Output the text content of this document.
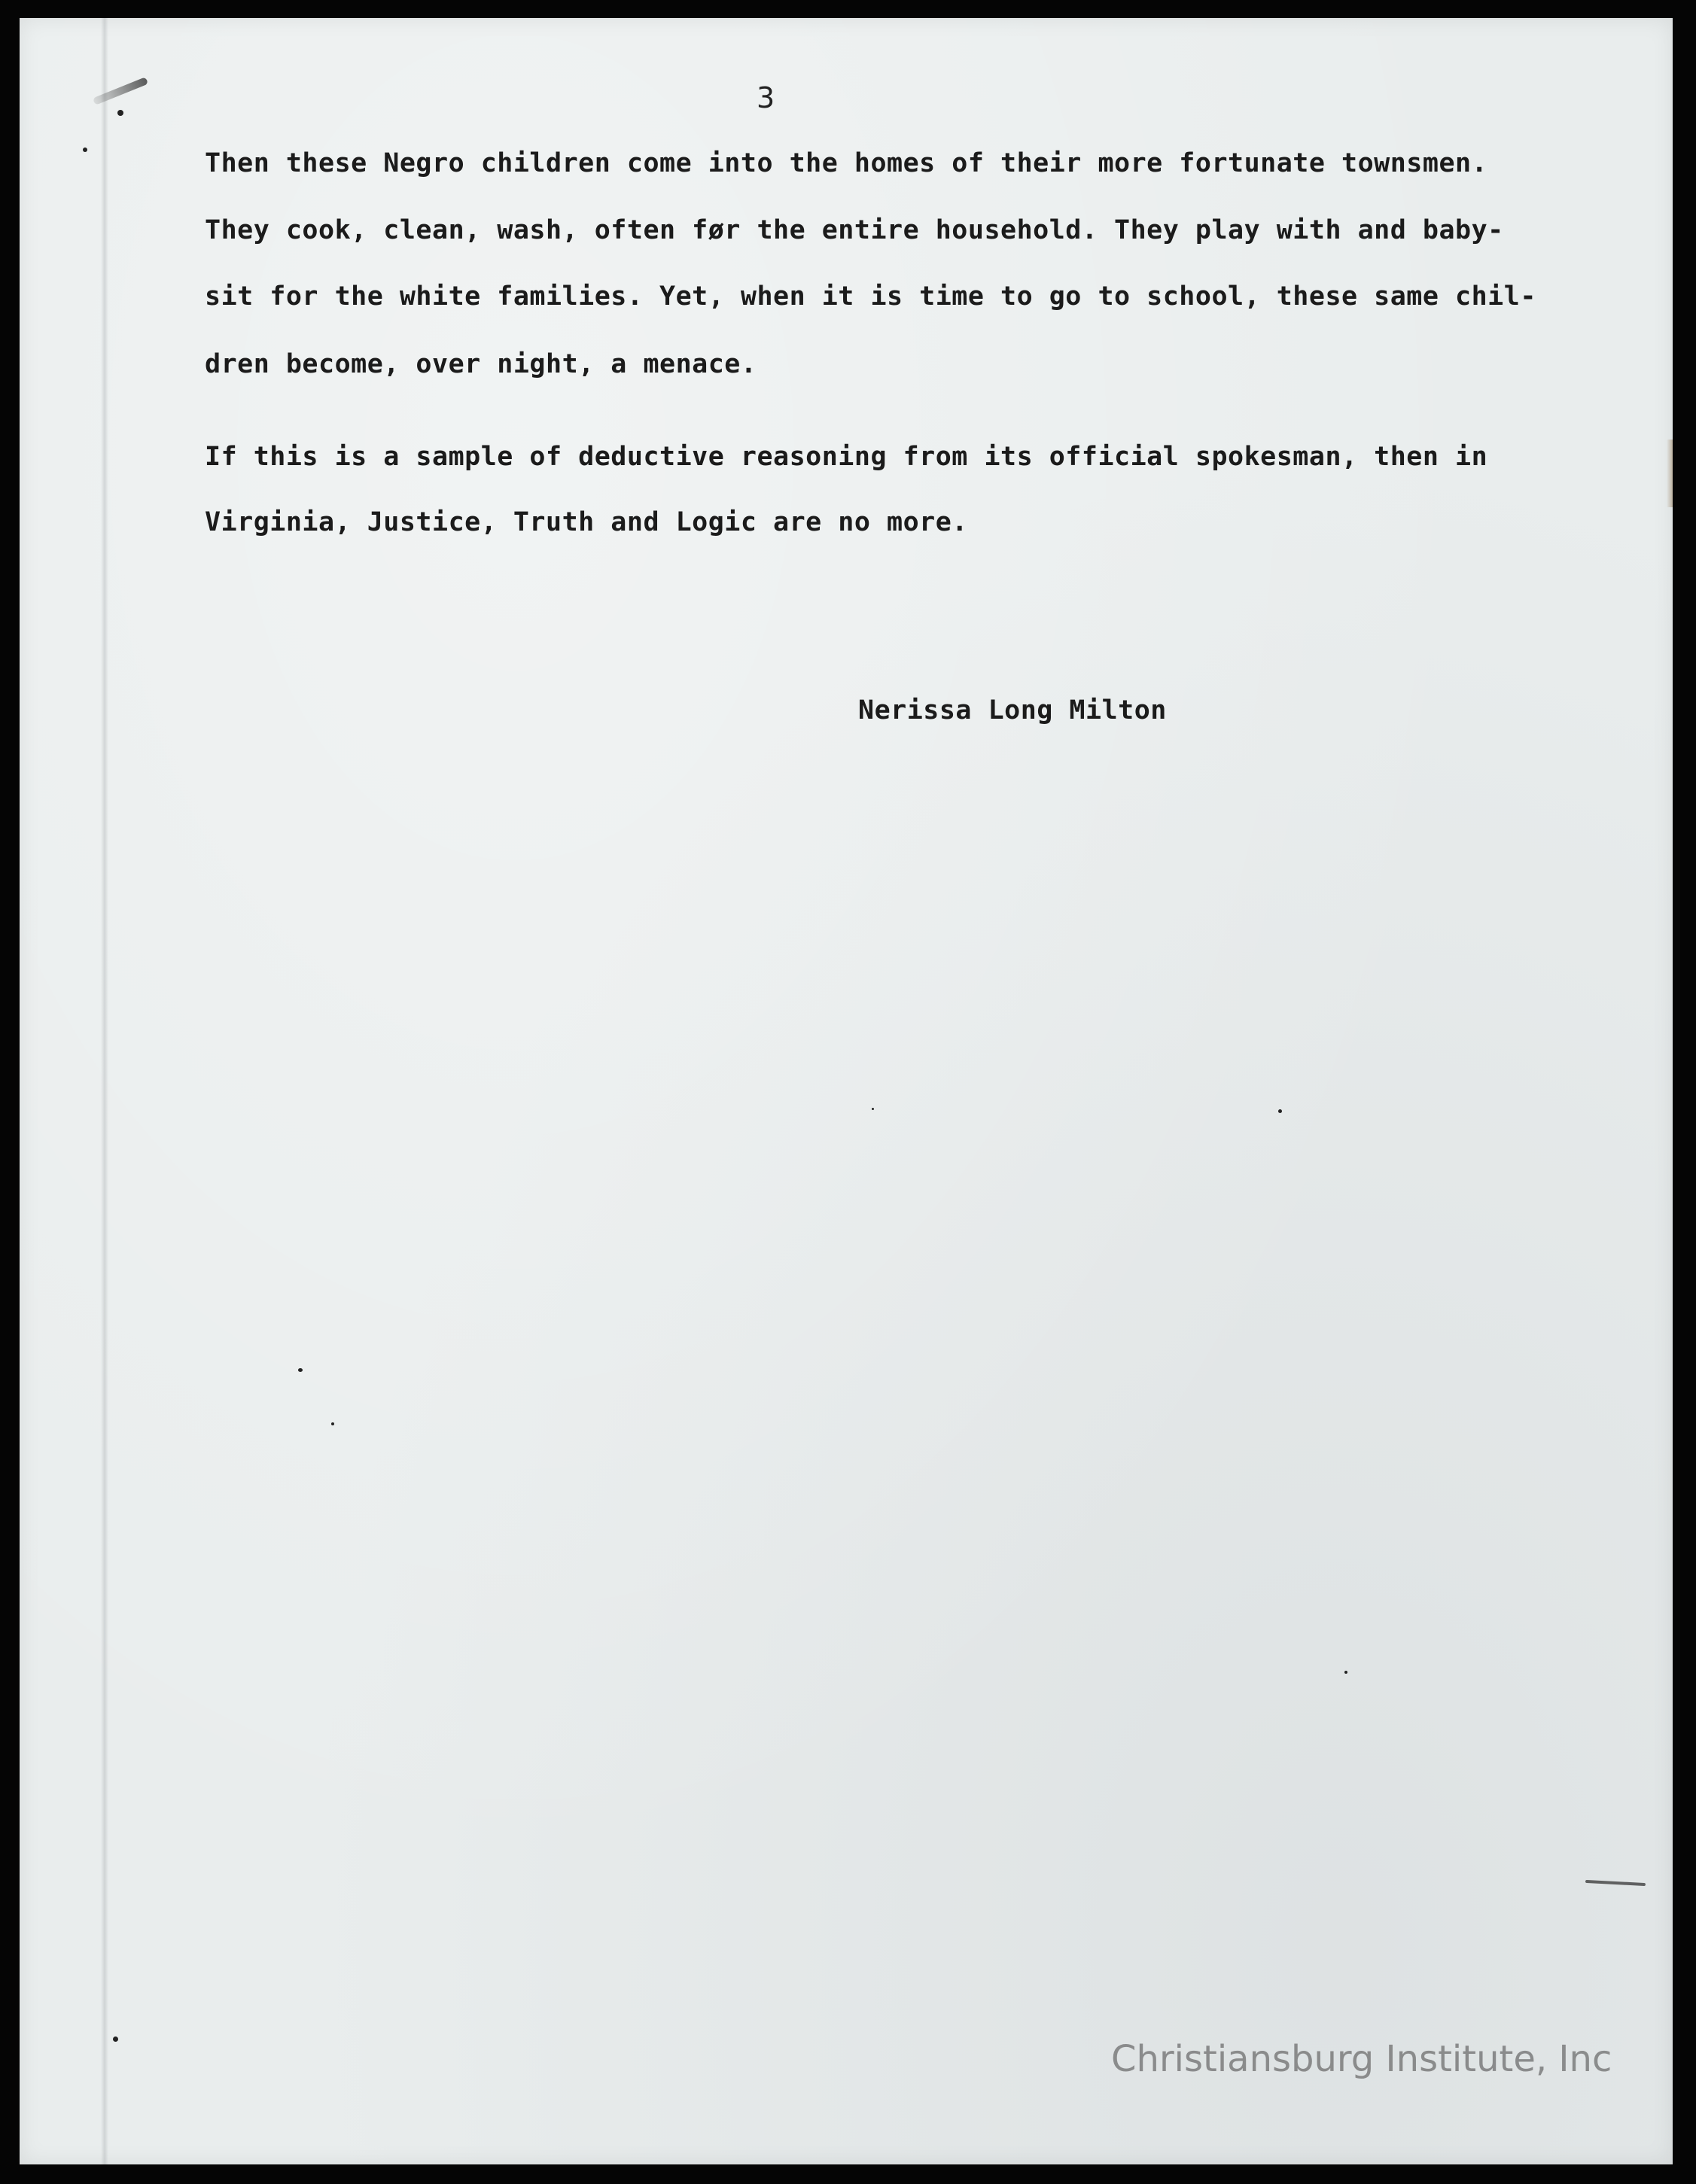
3
Then these Negro children come into the homes of their more fortunate townsmen.
They cook, clean, wash, often før the entire household. They play with and baby-
sit for the white families. Yet, when it is time to go to school, these same chil-
dren become, over night, a menace.
If this is a sample of deductive reasoning from its official spokesman, then in
Virginia, Justice, Truth and Logic are no more.
Nerissa Long Milton
Christiansburg Institute, Inc
